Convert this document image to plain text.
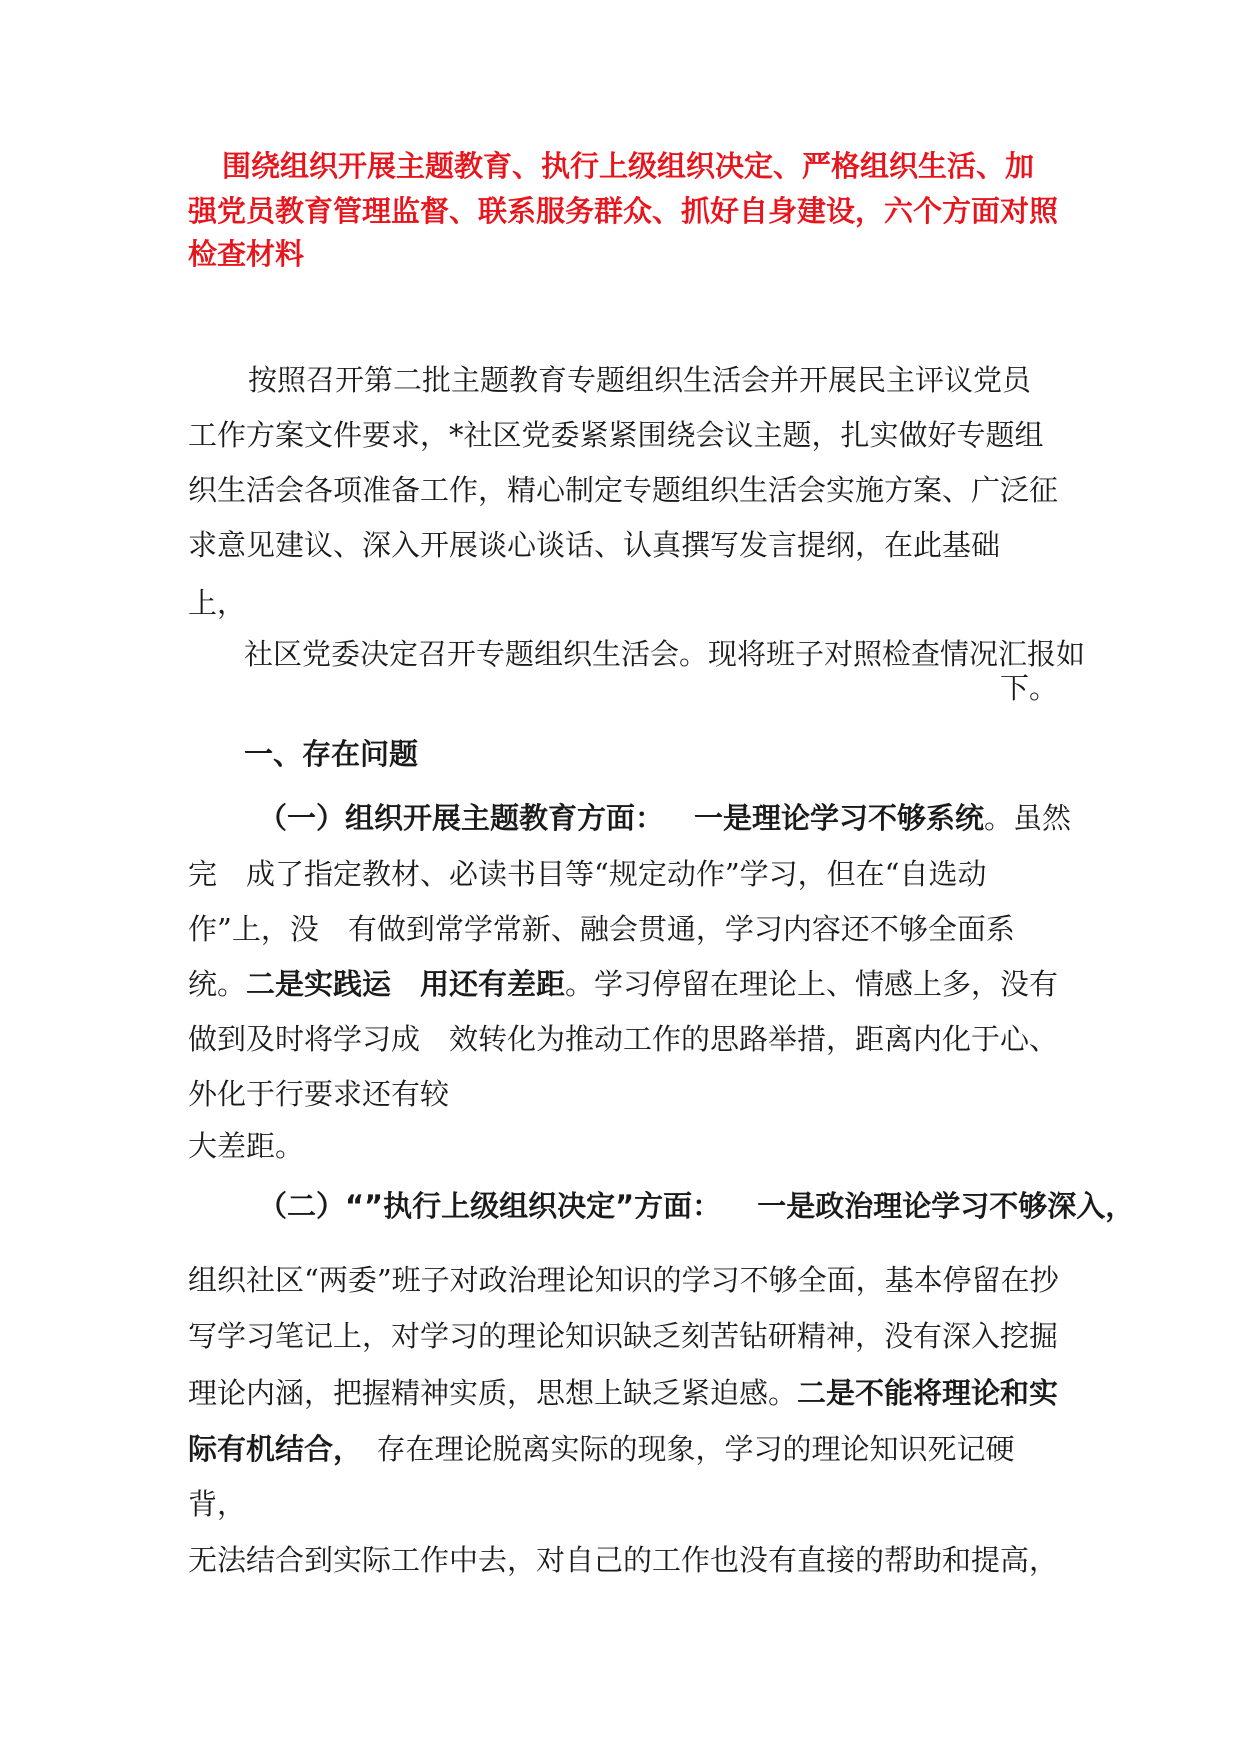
围绕组织开展主题教育、执行上级组织决定、严格组织生活、加
强党员教育管理监督、联系服务群众、抓好自身建设，六个方面对照
检查材料
按照召开第二批主题教育专题组织生活会并开展民主评议党员
工作方案文件要求，*社区党委紧紧围绕会议主题，扎实做好专题组
织生活会各项准备工作，精心制定专题组织生活会实施方案、广泛征
求意见建议、深入开展谈心谈话、认真撰写发言提纲，在此基础
上，
社区党委决定召开专题组织生活会。现将班子对照检查情况汇报如
下。
一、存在问题
（一）组织开展主题教育方面： 一是理论学习不够系统。虽然
完　成了指定教材、必读书目等“规定动作”学习，但在“自选动
作”上，没　有做到常学常新、融会贯通，学习内容还不够全面系
统。二是实践运　用还有差距。学习停留在理论上、情感上多，没有
做到及时将学习成　效转化为推动工作的思路举措，距离内化于心、
外化于行要求还有较
大差距。
（二）“”执行上级组织决定”方面： 一是政治理论学习不够深入，
组织社区“两委”班子对政治理论知识的学习不够全面，基本停留在抄
写学习笔记上，对学习的理论知识缺乏刻苦钻研精神，没有深入挖掘
理论内涵，把握精神实质，思想上缺乏紧迫感。二是不能将理论和实
际有机结合，　存在理论脱离实际的现象，学习的理论知识死记硬
背，
无法结合到实际工作中去，对自己的工作也没有直接的帮助和提高，
